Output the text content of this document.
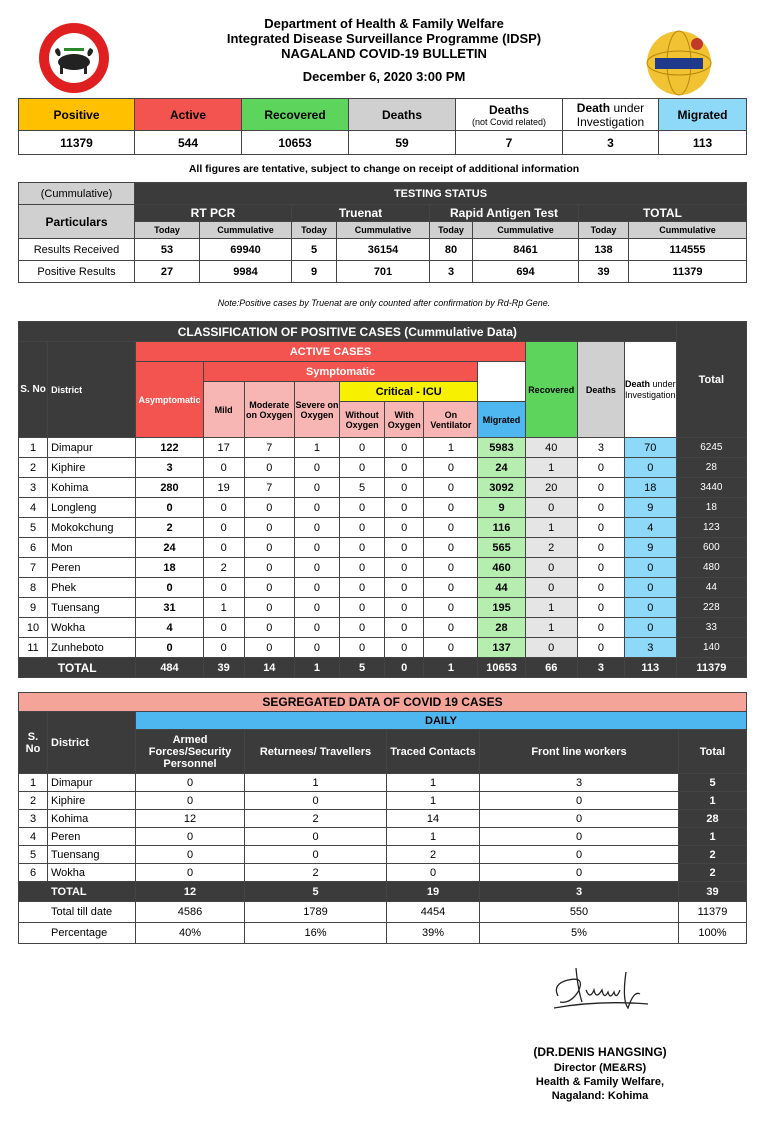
Department of Health & Family Welfare
Integrated Disease Surveillance Programme (IDSP)
NAGALAND COVID-19 BULLETIN
December 6, 2020 3:00 PM
Positive	Active	Recovered	Deaths	Deaths
(not Covid related)	Death under
Investigation	Migrated
11379	544	10653	59	7	3	113
All figures are tentative, subject to change on receipt of additional information
(Cummulative)	TESTING STATUS							
Particulars	RT PCR		Truenat		Rapid Antigen Test		TOTAL	
	Today	Cummulative	Today	Cummulative	Today	Cummulative	Today	Cummulative
Results Received	53	69940	5	36154	80	8461	138	114555
Positive Results	27	9984	9	701	3	694	39	11379
Note:Positive cases by Truenat are only counted after confirmation by Rd-Rp Gene.
CLASSIFICATION OF POSITIVE CASES (Cummulative Data)													Total
S. No	District	ACTIVE CASES								Recovered	Deaths	Death under Investigation	
		Asymptomatic	Symptomatic										
			Mild	Moderate on Oxygen	Severe on Oxygen	Critical - ICU							
						Without Oxygen	With Oxygen	On Ventilator	Migrated				
1	Dimapur	122	17	7	1	0	0	1	5983	40	3	70	6245
2	Kiphire	3	0	0	0	0	0	0	24	1	0	0	28
3	Kohima	280	19	7	0	5	0	0	3092	20	0	18	3440
4	Longleng	0	0	0	0	0	0	0	9	0	0	9	18
5	Mokokchung	2	0	0	0	0	0	0	116	1	0	4	123
6	Mon	24	0	0	0	0	0	0	565	2	0	9	600
7	Peren	18	2	0	0	0	0	0	460	0	0	0	480
8	Phek	0	0	0	0	0	0	0	44	0	0	0	44
9	Tuensang	31	1	0	0	0	0	0	195	1	0	0	228
10	Wokha	4	0	0	0	0	0	0	28	1	0	0	33
11	Zunheboto	0	0	0	0	0	0	0	137	0	0	3	140
TOTAL		484	39	14	1	5	0	1	10653	66	3	113	11379
SEGREGATED DATA OF COVID 19 CASES						
S. No	District	DAILY				
		Armed Forces/Security Personnel	Returnees/ Travellers	Traced Contacts	Front line workers	Total
1	Dimapur	0	1	1	3	5
2	Kiphire	0	0	1	0	1
3	Kohima	12	2	14	0	28
4	Peren	0	0	1	0	1
5	Tuensang	0	0	2	0	2
6	Wokha	0	2	0	0	2
TOTAL		12	5	19	3	39
Total till date		4586	1789	4454	550	11379
Percentage		40%	16%	39%	5%	100%
(DR.DENIS HANGSING)
Director (ME&RS)
Health & Family Welfare,
Nagaland: Kohima
